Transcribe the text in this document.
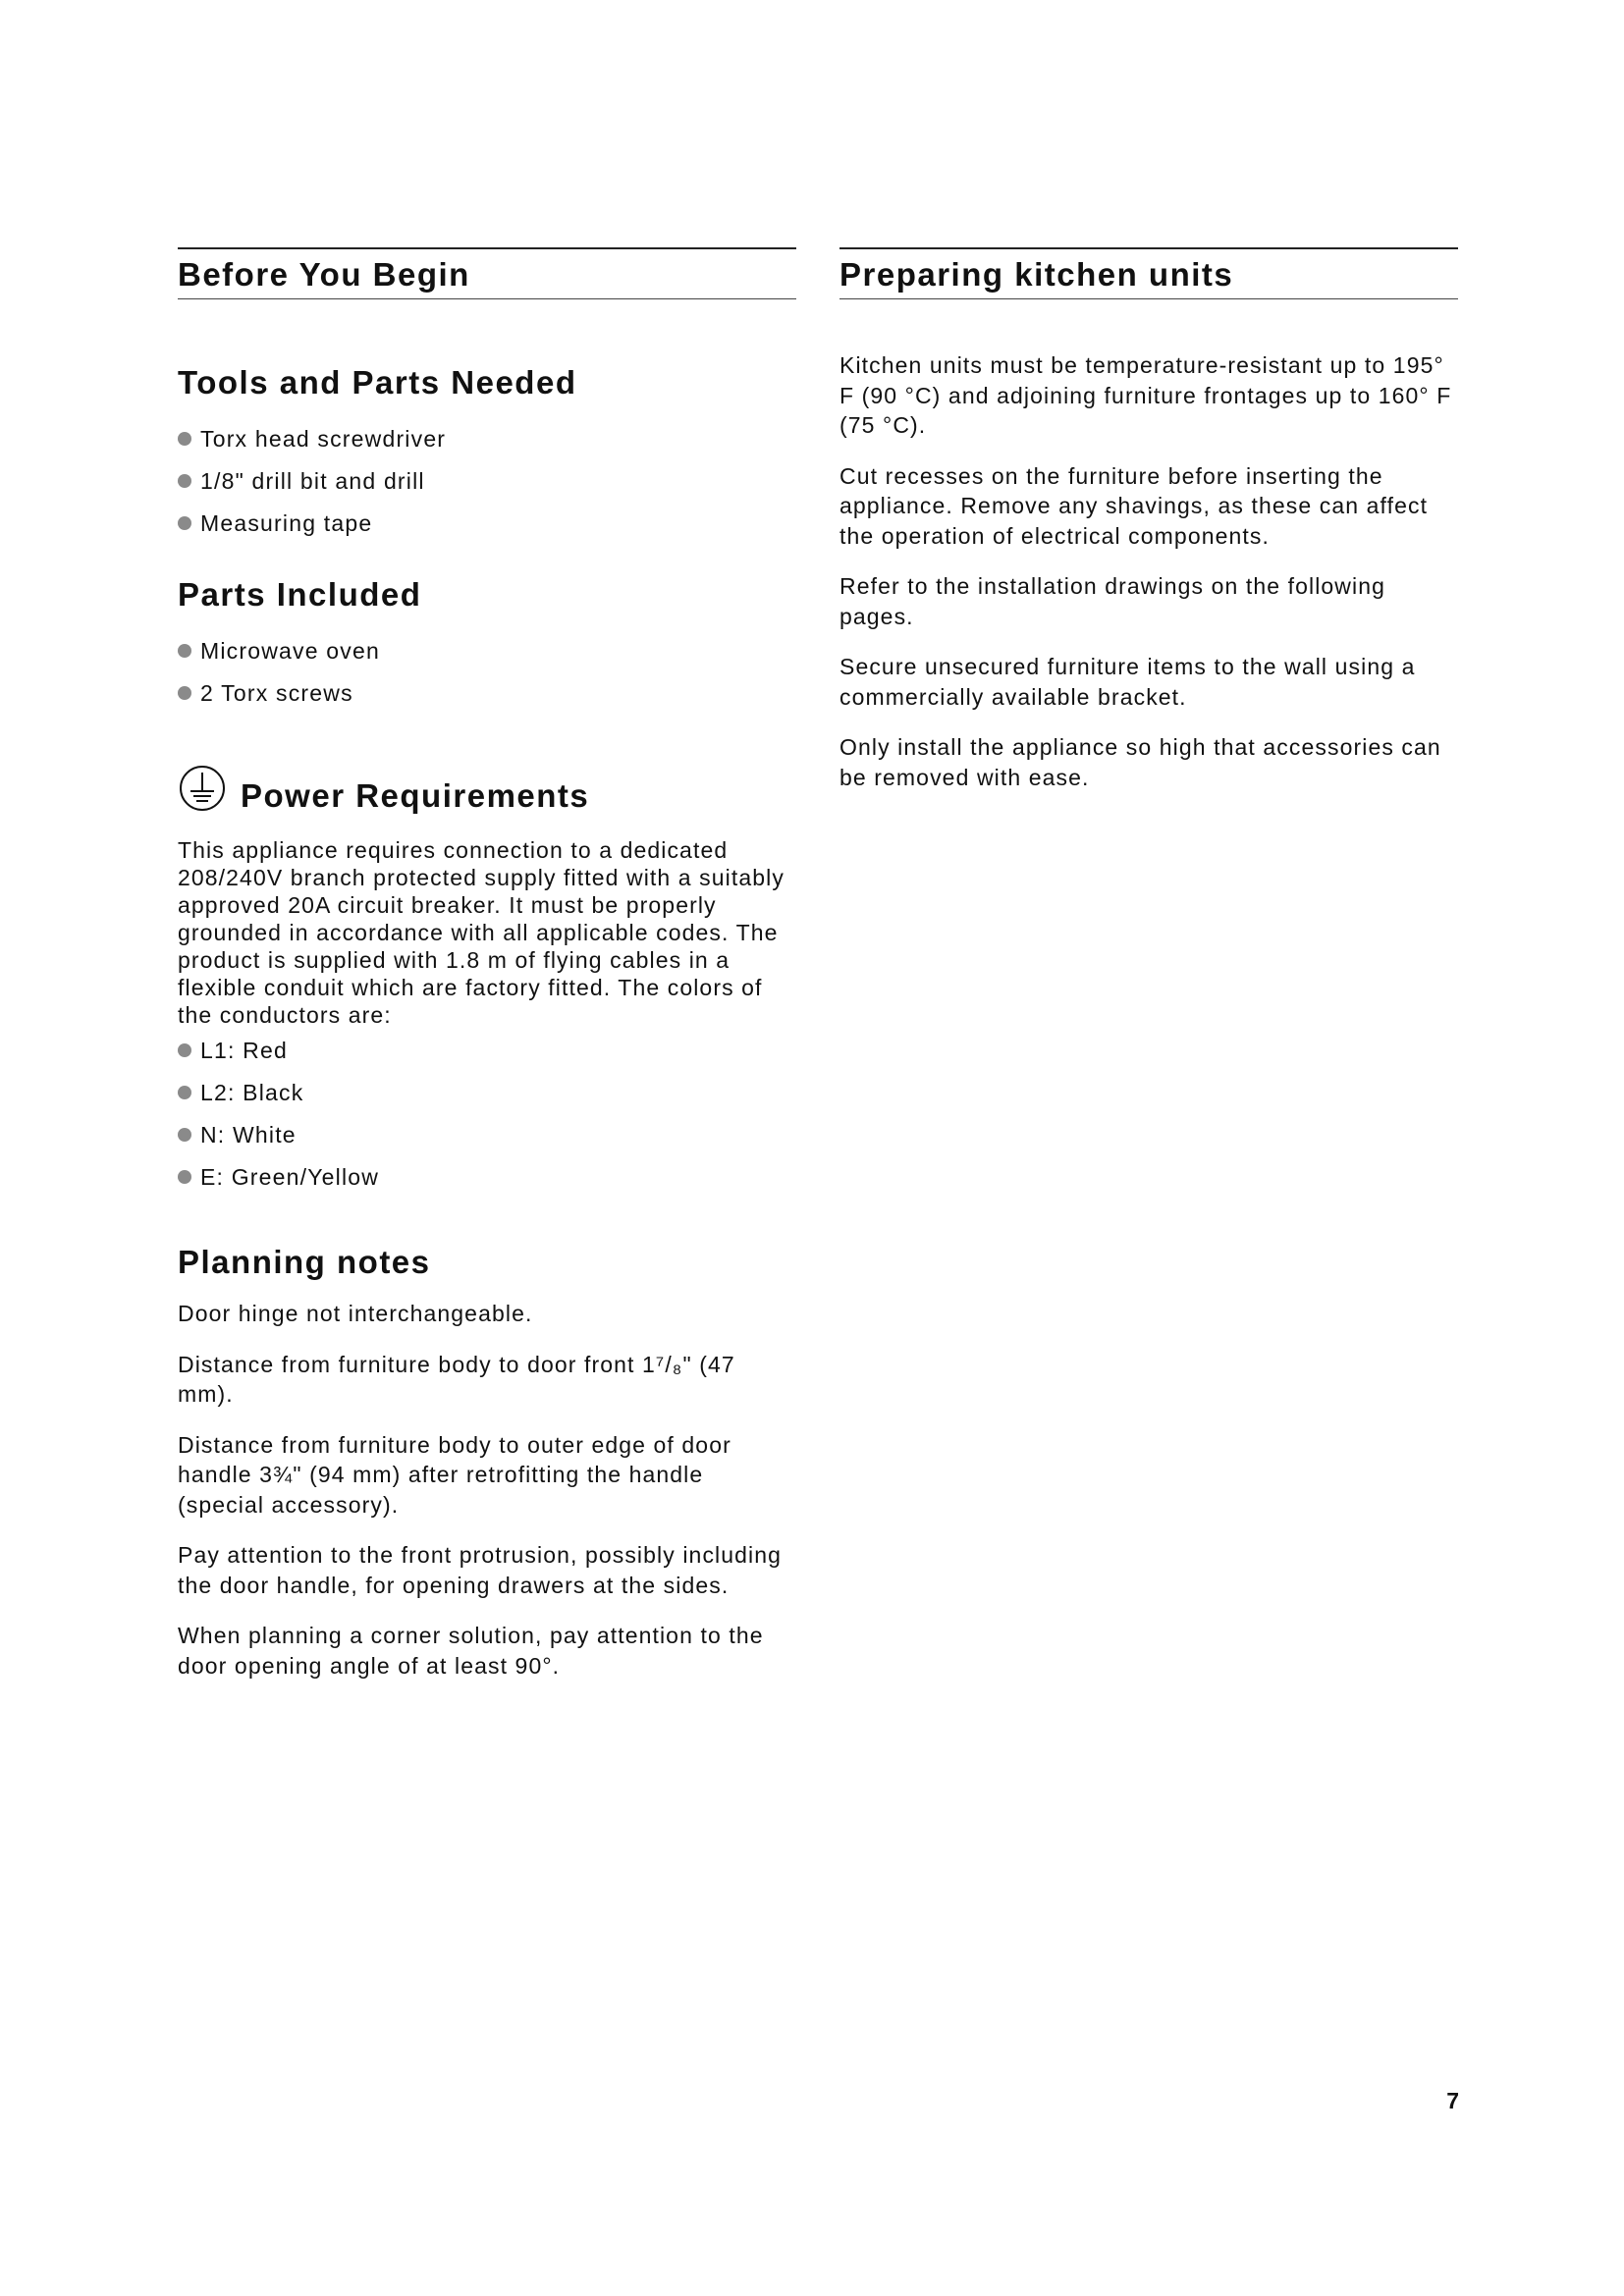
Before You Begin
Tools and Parts Needed
Torx head screwdriver
1/8" drill bit and drill
Measuring tape
Parts Included
Microwave oven
2 Torx screws
Power Requirements

This appliance requires connection to a dedicated 208/240V branch protected supply fitted with a suitably approved 20A circuit breaker. It must be properly grounded in accordance with all applicable codes. The product is supplied with 1.8 m of flying cables in a flexible conduit which are factory fitted. The colors of the conductors are:

L1: Red
L2: Black
N: White
E: Green/Yellow
Planning notes

Door hinge not interchangeable.

Distance from furniture body to door front 1⁷/₈" (47 mm).

Distance from furniture body to outer edge of door handle 3¾" (94 mm) after retrofitting the handle (special accessory).

Pay attention to the front protrusion, possibly including the door handle, for opening drawers at the sides.

When planning a corner solution, pay attention to the door opening angle of at least 90°.

Preparing kitchen units

Kitchen units must be temperature-resistant up to 195° F (90 °C) and adjoining furniture frontages up to 160° F (75 °C).

Cut recesses on the furniture before inserting the appliance. Remove any shavings, as these can affect the operation of electrical components.

Refer to the installation drawings on the following pages.

Secure unsecured furniture items to the wall using a commercially available bracket.

Only install the appliance so high that accessories can be removed with ease.

7
